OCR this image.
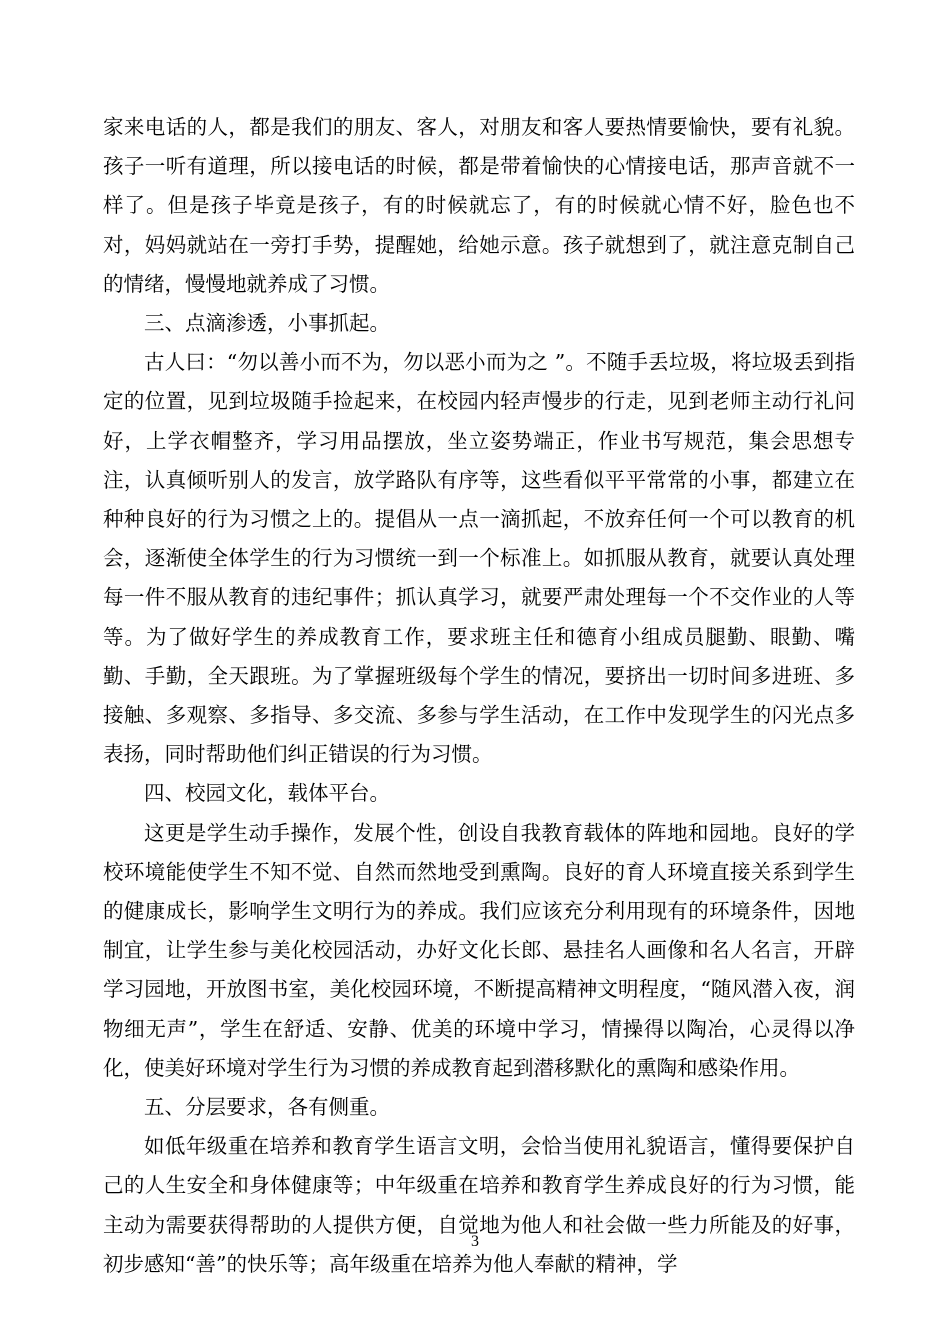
家来电话的人，都是我们的朋友、客人，对朋友和客人要热情要愉快，要有礼貌。孩子一听有道理，所以接电话的时候，都是带着愉快的心情接电话，那声音就不一样了。但是孩子毕竟是孩子，有的时候就忘了，有的时候就心情不好，脸色也不对，妈妈就站在一旁打手势，提醒她，给她示意。孩子就想到了，就注意克制自己的情绪，慢慢地就养成了习惯。

三、点滴渗透，小事抓起。

古人曰：“勿以善小而不为，勿以恶小而为之 ”。不随手丢垃圾，将垃圾丢到指定的位置，见到垃圾随手捡起来，在校园内轻声慢步的行走，见到老师主动行礼问好，上学衣帽整齐，学习用品摆放，坐立姿势端正，作业书写规范，集会思想专注，认真倾听别人的发言，放学路队有序等，这些看似平平常常的小事，都建立在种种良好的行为习惯之上的。提倡从一点一滴抓起，不放弃任何一个可以教育的机会，逐渐使全体学生的行为习惯统一到一个标准上。如抓服从教育，就要认真处理每一件不服从教育的违纪事件；抓认真学习，就要严肃处理每一个不交作业的人等等。为了做好学生的养成教育工作，要求班主任和德育小组成员腿勤、眼勤、嘴勤、手勤，全天跟班。为了掌握班级每个学生的情况，要挤出一切时间多进班、多接触、多观察、多指导、多交流、多参与学生活动，在工作中发现学生的闪光点多表扬，同时帮助他们纠正错误的行为习惯。

四、校园文化，载体平台。

这更是学生动手操作，发展个性，创设自我教育载体的阵地和园地。良好的学校环境能使学生不知不觉、自然而然地受到熏陶。良好的育人环境直接关系到学生的健康成长，影响学生文明行为的养成。我们应该充分利用现有的环境条件，因地制宜，让学生参与美化校园活动，办好文化长郎、悬挂名人画像和名人名言，开辟学习园地，开放图书室，美化校园环境，不断提高精神文明程度，“随风潜入夜，润物细无声”，学生在舒适、安静、优美的环境中学习，情操得以陶冶，心灵得以净化，使美好环境对学生行为习惯的养成教育起到潜移默化的熏陶和感染作用。

五、分层要求，各有侧重。

如低年级重在培养和教育学生语言文明，会恰当使用礼貌语言，懂得要保护自己的人生安全和身体健康等；中年级重在培养和教育学生养成良好的行为习惯，能主动为需要获得帮助的人提供方便，自觉地为他人和社会做一些力所能及的好事，初步感知“善”的快乐等；高年级重在培养为他人奉献的精神，学

3
